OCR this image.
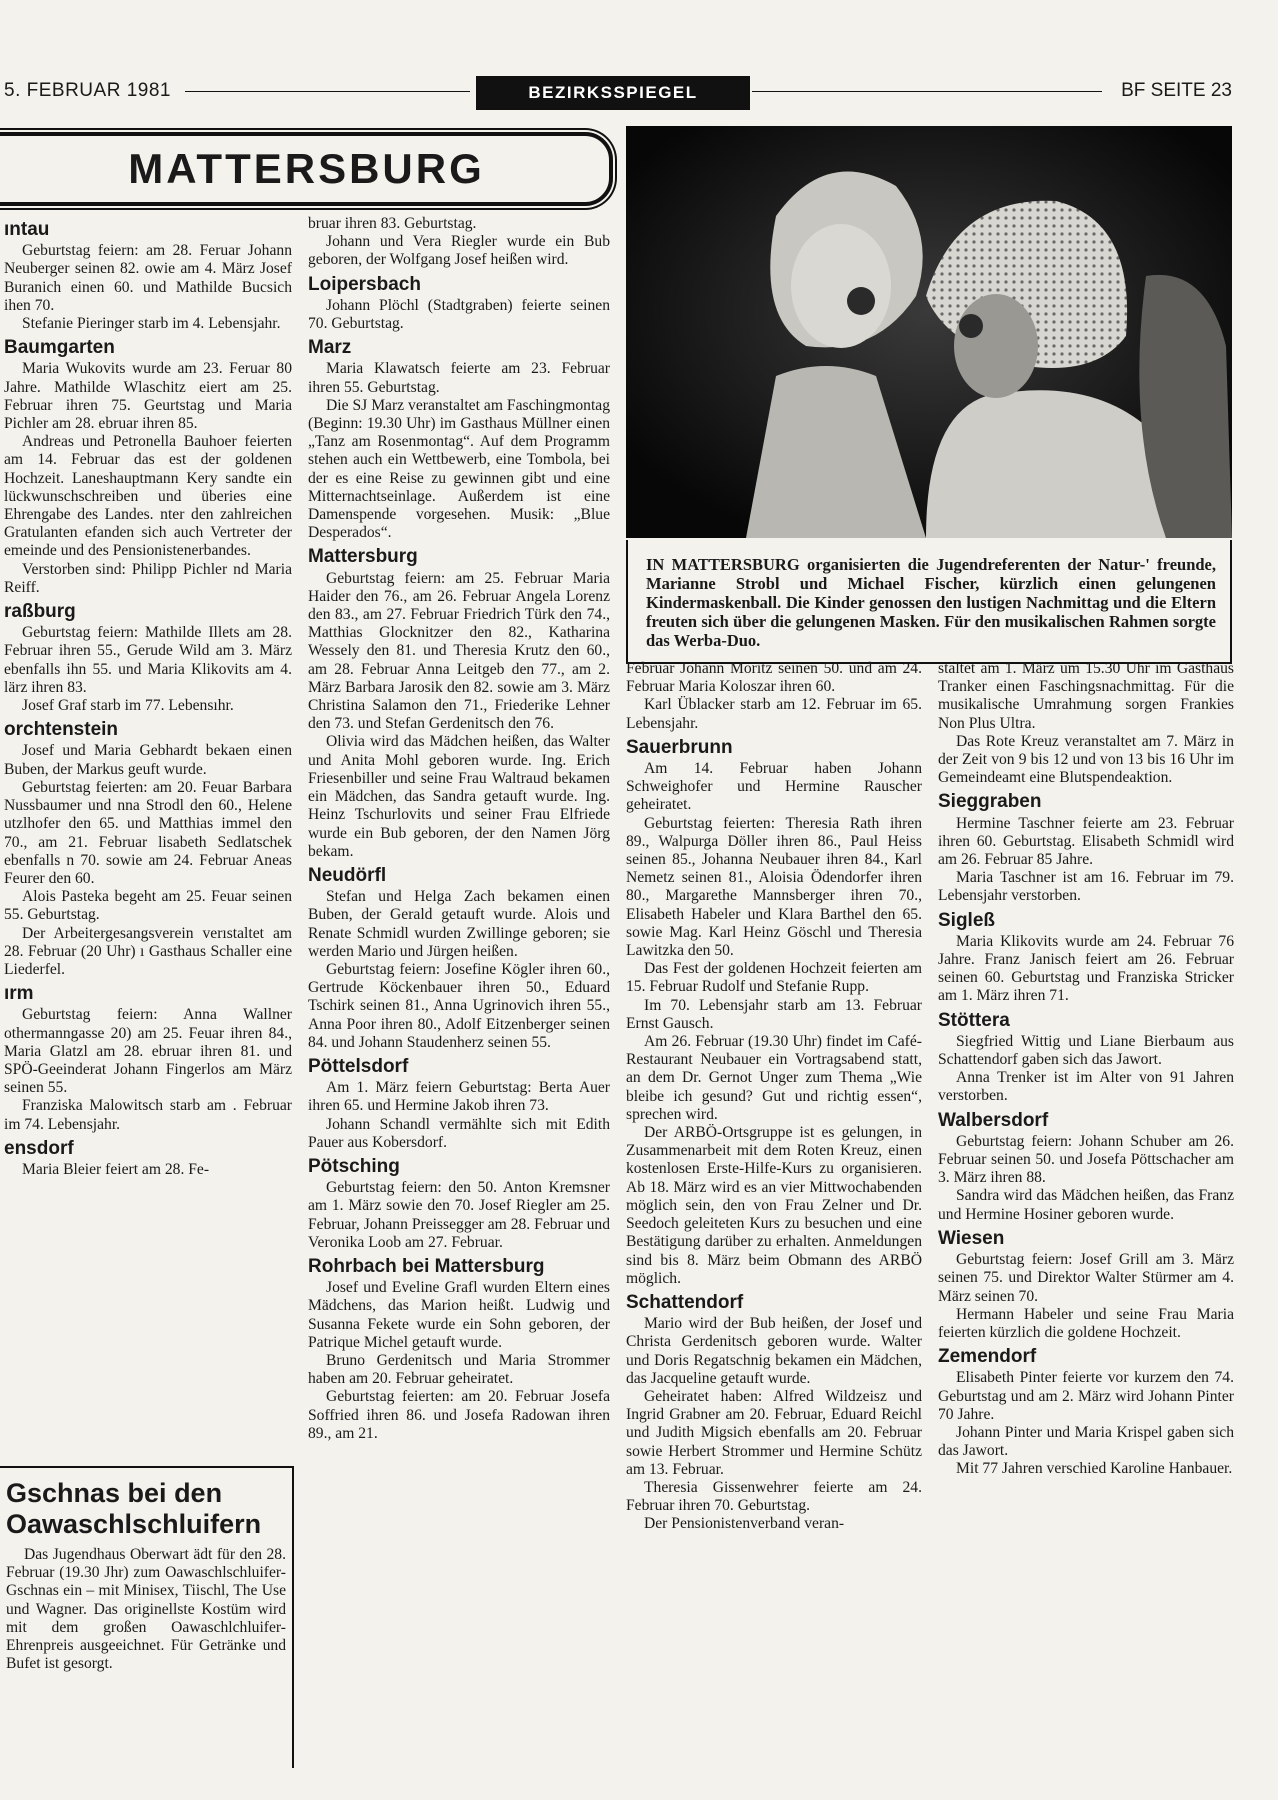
5. FEBRUAR 1981	BEZIRKSSPIEGEL	BF SEITE 23
MATTERSBURG
ıntau

Geburtstag feiern: am 28. Feruar Johann Neuberger seinen 82. owie am 4. März Josef Buranich einen 60. und Mathilde Bucsich ihen 70.

Stefanie Pieringer starb im 4. Lebensjahr.

Baumgarten

Maria Wukovits wurde am 23. Feruar 80 Jahre. Mathilde Wlaschitz eiert am 25. Februar ihren 75. Geurtstag und Maria Pichler am 28. ebruar ihren 85.

Andreas und Petronella Bauhoer feierten am 14. Februar das est der goldenen Hochzeit. Laneshauptmann Kery sandte ein lückwunschschreiben und überies eine Ehrengabe des Landes. nter den zahlreichen Gratulanten efanden sich auch Vertreter der emeinde und des Pensionistenerbandes.

Verstorben sind: Philipp Pichler nd Maria Reiff.

raßburg

Geburtstag feiern: Mathilde Illets am 28. Februar ihren 55., Gerude Wild am 3. März ebenfalls ihn 55. und Maria Klikovits am 4. lärz ihren 83.

Josef Graf starb im 77. Lebensıhr.

orchtenstein

Josef und Maria Gebhardt bekaen einen Buben, der Markus geuft wurde.

Geburtstag feierten: am 20. Feuar Barbara Nussbaumer und nna Strodl den 60., Helene utzlhofer den 65. und Matthias immel den 70., am 21. Februar lisabeth Sedlatschek ebenfalls n 70. sowie am 24. Februar Aneas Feurer den 60.

Alois Pasteka begeht am 25. Feuar seinen 55. Geburtstag.

Der Arbeitergesangsverein verıstaltet am 28. Februar (20 Uhr) ı Gasthaus Schaller eine Liederfel.

ırm

Geburtstag feiern: Anna Wallner othermanngasse 20) am 25. Feuar ihren 84., Maria Glatzl am 28. ebruar ihren 81. und SPÖ-Geeinderat Johann Fingerlos am März seinen 55.

Franziska Malowitsch starb am . Februar im 74. Lebensjahr.

ensdorf

Maria Bleier feiert am 28. Fe-

bruar ihren 83. Geburtstag.

Johann und Vera Riegler wurde ein Bub geboren, der Wolfgang Josef heißen wird.

Loipersbach

Johann Plöchl (Stadtgraben) feierte seinen 70. Geburtstag.

Marz

Maria Klawatsch feierte am 23. Februar ihren 55. Geburtstag.

Die SJ Marz veranstaltet am Faschingmontag (Beginn: 19.30 Uhr) im Gasthaus Müllner einen „Tanz am Rosenmontag“. Auf dem Programm stehen auch ein Wettbewerb, eine Tombola, bei der es eine Reise zu gewinnen gibt und eine Mitternachtseinlage. Außerdem ist eine Damenspende vorgesehen. Musik: „Blue Desperados“.

Mattersburg

Geburtstag feiern: am 25. Februar Maria Haider den 76., am 26. Februar Angela Lorenz den 83., am 27. Februar Friedrich Türk den 74., Matthias Glocknitzer den 82., Katharina Wessely den 81. und Theresia Krutz den 60., am 28. Februar Anna Leitgeb den 77., am 2. März Barbara Jarosik den 82. sowie am 3. März Christina Salamon den 71., Friederike Lehner den 73. und Stefan Gerdenitsch den 76.

Olivia wird das Mädchen heißen, das Walter und Anita Mohl geboren wurde. Ing. Erich Friesenbiller und seine Frau Waltraud bekamen ein Mädchen, das Sandra getauft wurde. Ing. Heinz Tschurlovits und seiner Frau Elfriede wurde ein Bub geboren, der den Namen Jörg bekam.

Neudörfl

Stefan und Helga Zach bekamen einen Buben, der Gerald getauft wurde. Alois und Renate Schmidl wurden Zwillinge geboren; sie werden Mario und Jürgen heißen.

Geburtstag feiern: Josefine Kögler ihren 60., Gertrude Köckenbauer ihren 50., Eduard Tschirk seinen 81., Anna Ugrinovich ihren 55., Anna Poor ihren 80., Adolf Eitzenberger seinen 84. und Johann Staudenherz seinen 55.

Pöttelsdorf

Am 1. März feiern Geburtstag: Berta Auer ihren 65. und Hermine Jakob ihren 73.

Johann Schandl vermählte sich mit Edith Pauer aus Kobersdorf.

Pötsching

Geburtstag feiern: den 50. Anton Kremsner am 1. März sowie den 70. Josef Riegler am 25. Februar, Johann Preissegger am 28. Februar und Veronika Loob am 27. Februar.

Rohrbach bei Mattersburg

Josef und Eveline Grafl wurden Eltern eines Mädchens, das Marion heißt. Ludwig und Susanna Fekete wurde ein Sohn geboren, der Patrique Michel getauft wurde.

Bruno Gerdenitsch und Maria Strommer haben am 20. Februar geheiratet.

Geburtstag feierten: am 20. Februar Josefa Soffried ihren 86. und Josefa Radowan ihren 89., am 21.

IN MATTERSBURG organisierten die Jugendreferenten der Natur-' freunde, Marianne Strobl und Michael Fischer, kürzlich einen gelungenen Kindermaskenball. Die Kinder genossen den lustigen Nachmittag und die Eltern freuten sich über die gelungenen Masken. Für den musikalischen Rahmen sorgte das Werba-Duo.

Februar Johann Moritz seinen 50. und am 24. Februar Maria Koloszar ihren 60.

Karl Üblacker starb am 12. Februar im 65. Lebensjahr.

Sauerbrunn

Am 14. Februar haben Johann Schweighofer und Hermine Rauscher geheiratet.

Geburtstag feierten: Theresia Rath ihren 89., Walpurga Döller ihren 86., Paul Heiss seinen 85., Johanna Neubauer ihren 84., Karl Nemetz seinen 81., Aloisia Ödendorfer ihren 80., Margarethe Mannsberger ihren 70., Elisabeth Habeler und Klara Barthel den 65. sowie Mag. Karl Heinz Göschl und Theresia Lawitzka den 50.

Das Fest der goldenen Hochzeit feierten am 15. Februar Rudolf und Stefanie Rupp.

Im 70. Lebensjahr starb am 13. Februar Ernst Gausch.

Am 26. Februar (19.30 Uhr) findet im Café-Restaurant Neubauer ein Vortragsabend statt, an dem Dr. Gernot Unger zum Thema „Wie bleibe ich gesund? Gut und richtig essen“, sprechen wird.

Der ARBÖ-Ortsgruppe ist es gelungen, in Zusammenarbeit mit dem Roten Kreuz, einen kostenlosen Erste-Hilfe-Kurs zu organisieren. Ab 18. März wird es an vier Mittwochabenden möglich sein, den von Frau Zelner und Dr. Seedoch geleiteten Kurs zu besuchen und eine Bestätigung darüber zu erhalten. Anmeldungen sind bis 8. März beim Obmann des ARBÖ möglich.

Schattendorf

Mario wird der Bub heißen, der Josef und Christa Gerdenitsch geboren wurde. Walter und Doris Regatschnig bekamen ein Mädchen, das Jacqueline getauft wurde.

Geheiratet haben: Alfred Wildzeisz und Ingrid Grabner am 20. Februar, Eduard Reichl und Judith Migsich ebenfalls am 20. Februar sowie Herbert Strommer und Hermine Schütz am 13. Februar.

Theresia Gissenwehrer feierte am 24. Februar ihren 70. Geburtstag.

Der Pensionistenverband veran-

staltet am 1. März um 15.30 Uhr im Gasthaus Tranker einen Faschingsnachmittag. Für die musikalische Umrahmung sorgen Frankies Non Plus Ultra.

Das Rote Kreuz veranstaltet am 7. März in der Zeit von 9 bis 12 und von 13 bis 16 Uhr im Gemeindeamt eine Blutspendeaktion.

Sieggraben

Hermine Taschner feierte am 23. Februar ihren 60. Geburtstag. Elisabeth Schmidl wird am 26. Februar 85 Jahre.

Maria Taschner ist am 16. Februar im 79. Lebensjahr verstorben.

Sigleß

Maria Klikovits wurde am 24. Februar 76 Jahre. Franz Janisch feiert am 26. Februar seinen 60. Geburtstag und Franziska Stricker am 1. März ihren 71.

Stöttera

Siegfried Wittig und Liane Bierbaum aus Schattendorf gaben sich das Jawort.

Anna Trenker ist im Alter von 91 Jahren verstorben.

Walbersdorf

Geburtstag feiern: Johann Schuber am 26. Februar seinen 50. und Josefa Pöttschacher am 3. März ihren 88.

Sandra wird das Mädchen heißen, das Franz und Hermine Hosiner geboren wurde.

Wiesen

Geburtstag feiern: Josef Grill am 3. März seinen 75. und Direktor Walter Stürmer am 4. März seinen 70.

Hermann Habeler und seine Frau Maria feierten kürzlich die goldene Hochzeit.

Zemendorf

Elisabeth Pinter feierte vor kurzem den 74. Geburtstag und am 2. März wird Johann Pinter 70 Jahre.

Johann Pinter und Maria Krispel gaben sich das Jawort.

Mit 77 Jahren verschied Karoline Hanbauer.

Gschnas bei den Oawaschlschluifern

Das Jugendhaus Oberwart ädt für den 28. Februar (19.30 Jhr) zum Oawaschlschluifer-Gschnas ein – mit Minisex, Tiischl, The Use und Wagner. Das originellste Kostüm wird mit dem großen Oawaschlchluifer-Ehrenpreis ausgeeichnet. Für Getränke und Bufet ist gesorgt.
